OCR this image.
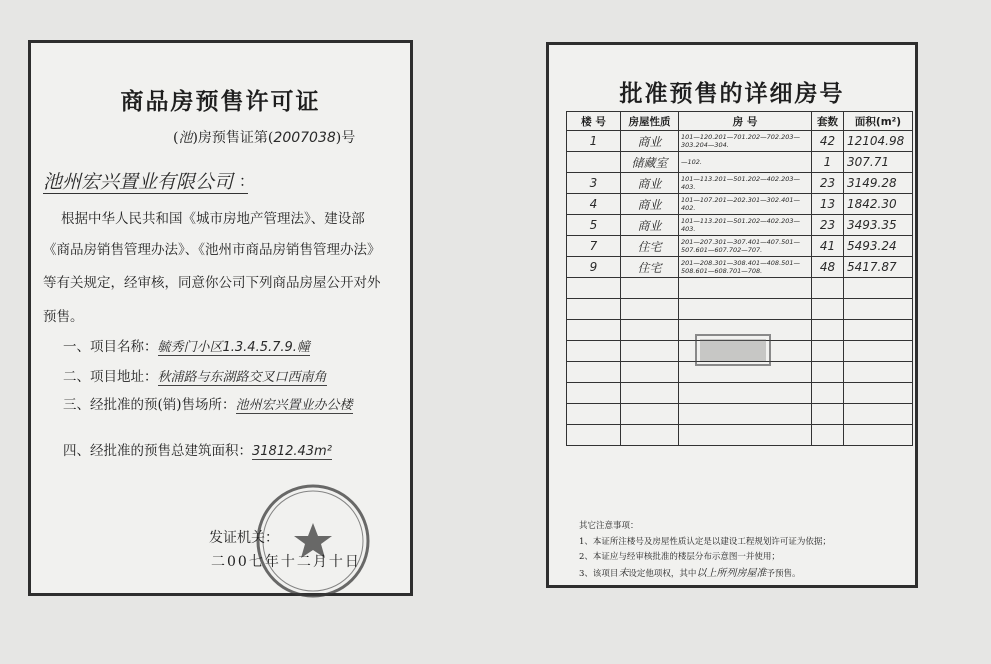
商品房预售许可证
(池)房预售证第(2007038)号
池州宏兴置业有限公司 ：
根据中华人民共和国《城市房地产管理法》、建设部
《商品房销售管理办法》、《池州市商品房销售管理办法》
等有关规定，经审核，同意你公司下列商品房屋公开对外
预售。
一、项目名称：毓秀门小区1.3.4.5.7.9.幢
二、项目地址：秋浦路与东湖路交叉口西南角
三、经批准的预(销)售场所：池州宏兴置业办公楼
四、经批准的预售总建筑面积：31812.43m²
发证机关：
二00七年十二月十日
批准预售的详细房号
楼 号	房屋性质	房 号	套数	面积(m²)
1	商业	101—120.201—701.202—702.203—303.204—304.	42	12104.98
	储藏室	—102.	1	307.71
3	商业	101—113.201—501.202—402.203—403.	23	3149.28
4	商业	101—107.201—202.301—302.401—402.	13	1842.30
5	商业	101—113.201—501.202—402.203—403.	23	3493.35
7	住宅	201—207.301—307.401—407.501—507.601—607.702—707.	41	5493.24
9	住宅	201—208.301—308.401—408.501—508.601—608.701—708.	48	5417.87

其它注意事项：
1、本证所注楼号及房屋性质认定是以建设工程规划许可证为依据；
2、本证应与经审核批准的楼层分布示意图一并使用；
3、该项目未设定他项权，其中以上所列房屋准予预售。
